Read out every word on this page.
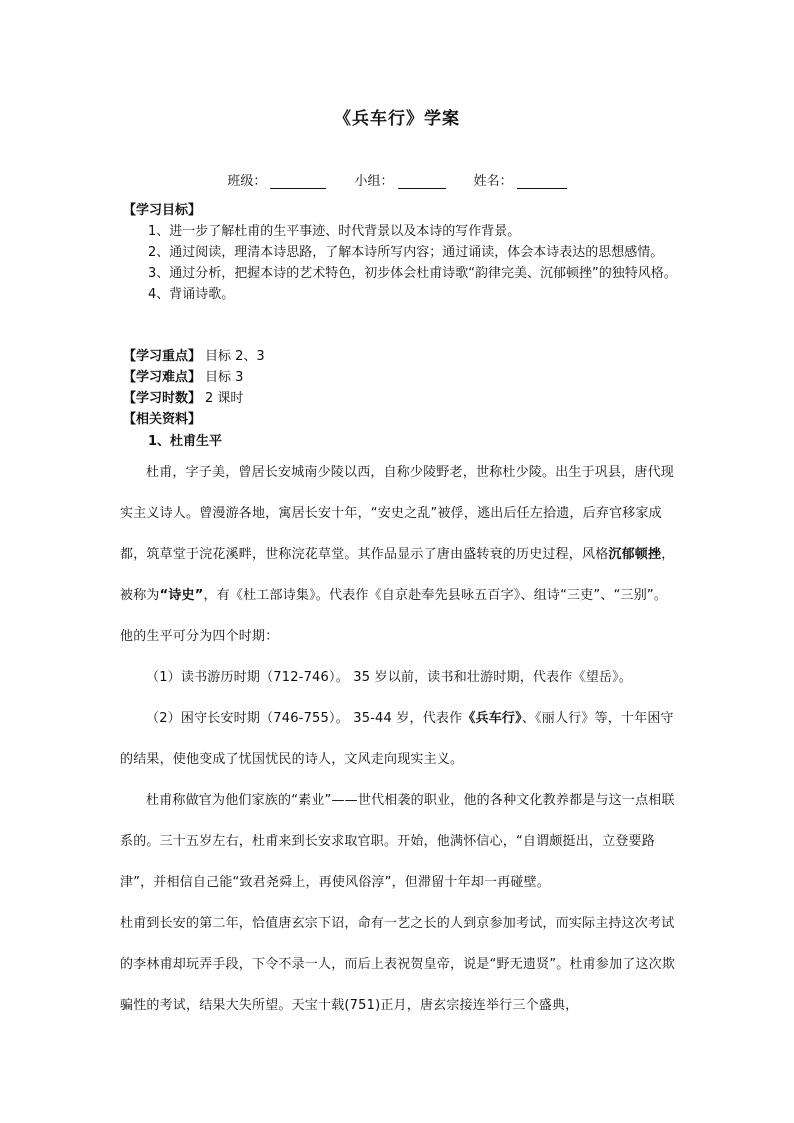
《兵车行》学案
班级：	小组：	姓名：
【学习目标】

1、进一步了解杜甫的生平事迹、时代背景以及本诗的写作背景。

2、通过阅读，理清本诗思路，了解本诗所写内容；通过诵读，体会本诗表达的思想感情。

3、通过分析，把握本诗的艺术特色，初步体会杜甫诗歌“韵律完美、沉郁顿挫”的独特风格。

4、背诵诗歌。

【学习重点】 目标 2、3
【学习难点】 目标 3
【学习时数】 2 课时
【相关资料】
1、杜甫生平

杜甫，字子美，曾居长安城南少陵以西，自称少陵野老，世称杜少陵。出生于巩县，唐代现实主义诗人。曾漫游各地，寓居长安十年，“安史之乱”被俘，逃出后任左拾遗，后弃官移家成都，筑草堂于浣花溪畔，世称浣花草堂。其作品显示了唐由盛转衰的历史过程，风格沉郁顿挫，被称为“诗史”，有《杜工部诗集》。代表作《自京赴奉先县咏五百字》、组诗“三吏”、“三别”。他的生平可分为四个时期：

（1）读书游历时期（712-746）。 35 岁以前，读书和壮游时期，代表作《望岳》。

（2）困守长安时期（746-755）。 35-44 岁，代表作《兵车行》、《丽人行》等，十年困守的结果，使他变成了忧国忧民的诗人，文风走向现实主义。

杜甫称做官为他们家族的“素业”——世代相袭的职业，他的各种文化教养都是与这一点相联系的。三十五岁左右，杜甫来到长安求取官职。开始，他满怀信心，“自谓颇挺出，立登要路津”，并相信自己能“致君尧舜上，再使风俗淳”，但滞留十年却一再碰壁。

杜甫到长安的第二年，恰值唐玄宗下诏，命有一艺之长的人到京参加考试，而实际主持这次考试的李林甫却玩弄手段，下令不录一人，而后上表祝贺皇帝，说是“野无遗贤”。杜甫参加了这次欺骗性的考试，结果大失所望。天宝十载(751)正月，唐玄宗接连举行三个盛典，
